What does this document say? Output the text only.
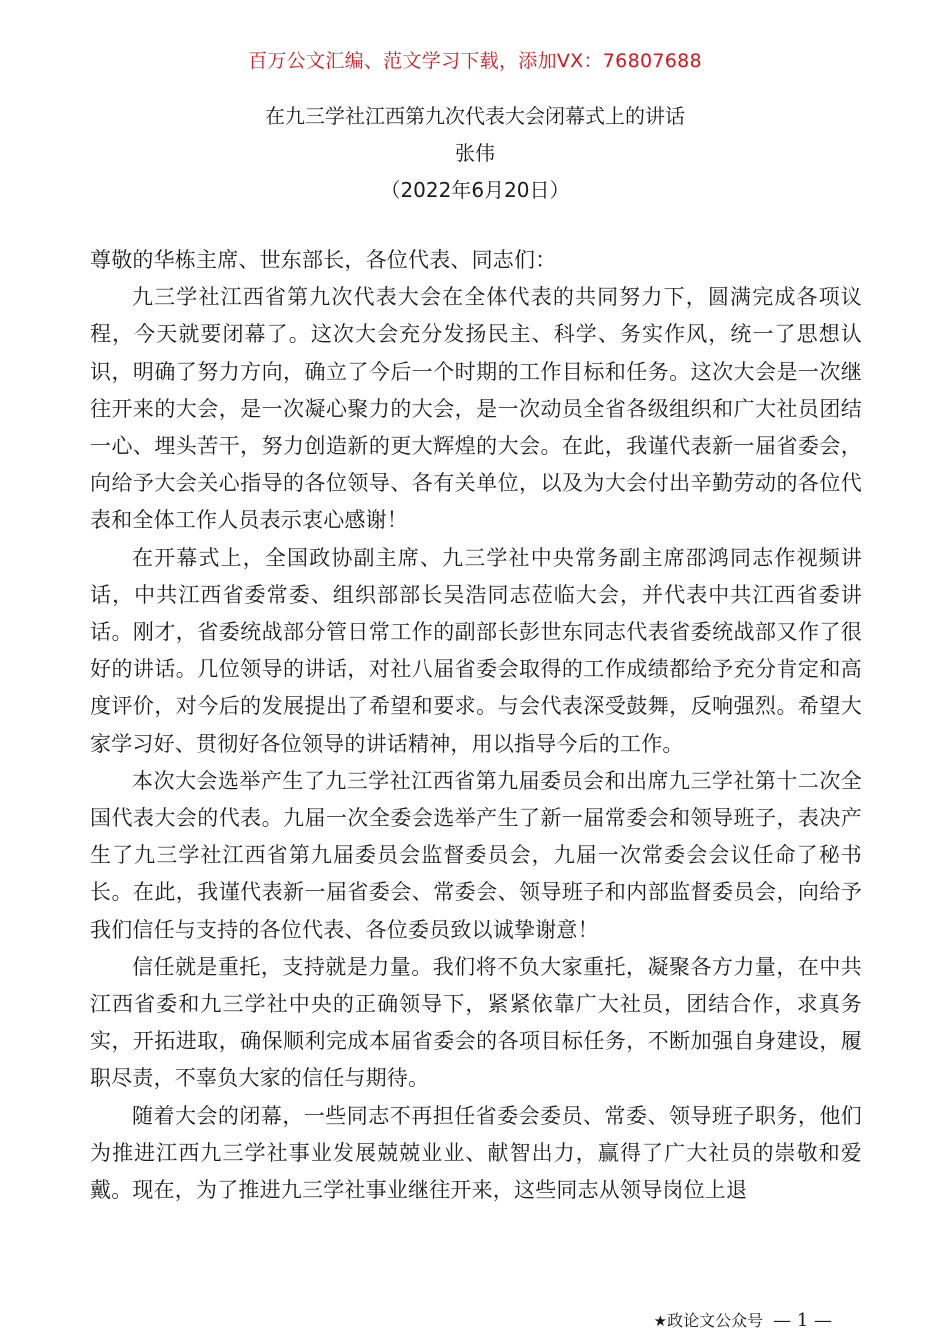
百万公文汇编、范文学习下载，添加VX：76807688
在九三学社江西第九次代表大会闭幕式上的讲话
张伟
（2022年6月20日）

尊敬的华栋主席、世东部长，各位代表、同志们：

九三学社江西省第九次代表大会在全体代表的共同努力下，圆满完成各项议程，今天就要闭幕了。这次大会充分发扬民主、科学、务实作风，统一了思想认识，明确了努力方向，确立了今后一个时期的工作目标和任务。这次大会是一次继往开来的大会，是一次凝心聚力的大会，是一次动员全省各级组织和广大社员团结一心、埋头苦干，努力创造新的更大辉煌的大会。在此，我谨代表新一届省委会，向给予大会关心指导的各位领导、各有关单位，以及为大会付出辛勤劳动的各位代表和全体工作人员表示衷心感谢！

在开幕式上，全国政协副主席、九三学社中央常务副主席邵鸿同志作视频讲话，中共江西省委常委、组织部部长吴浩同志莅临大会，并代表中共江西省委讲话。刚才，省委统战部分管日常工作的副部长彭世东同志代表省委统战部又作了很好的讲话。几位领导的讲话，对社八届省委会取得的工作成绩都给予充分肯定和高度评价，对今后的发展提出了希望和要求。与会代表深受鼓舞，反响强烈。希望大家学习好、贯彻好各位领导的讲话精神，用以指导今后的工作。

本次大会选举产生了九三学社江西省第九届委员会和出席九三学社第十二次全国代表大会的代表。九届一次全委会选举产生了新一届常委会和领导班子，表决产生了九三学社江西省第九届委员会监督委员会，九届一次常委会会议任命了秘书长。在此，我谨代表新一届省委会、常委会、领导班子和内部监督委员会，向给予我们信任与支持的各位代表、各位委员致以诚挚谢意！

信任就是重托，支持就是力量。我们将不负大家重托，凝聚各方力量，在中共江西省委和九三学社中央的正确领导下，紧紧依靠广大社员，团结合作，求真务实，开拓进取，确保顺利完成本届省委会的各项目标任务，不断加强自身建设，履职尽责，不辜负大家的信任与期待。

随着大会的闭幕，一些同志不再担任省委会委员、常委、领导班子职务，他们为推进江西九三学社事业发展兢兢业业、献智出力，赢得了广大社员的崇敬和爱戴。现在，为了推进九三学社事业继往开来，这些同志从领导岗位上退

★政论文公众号 — 1 —
